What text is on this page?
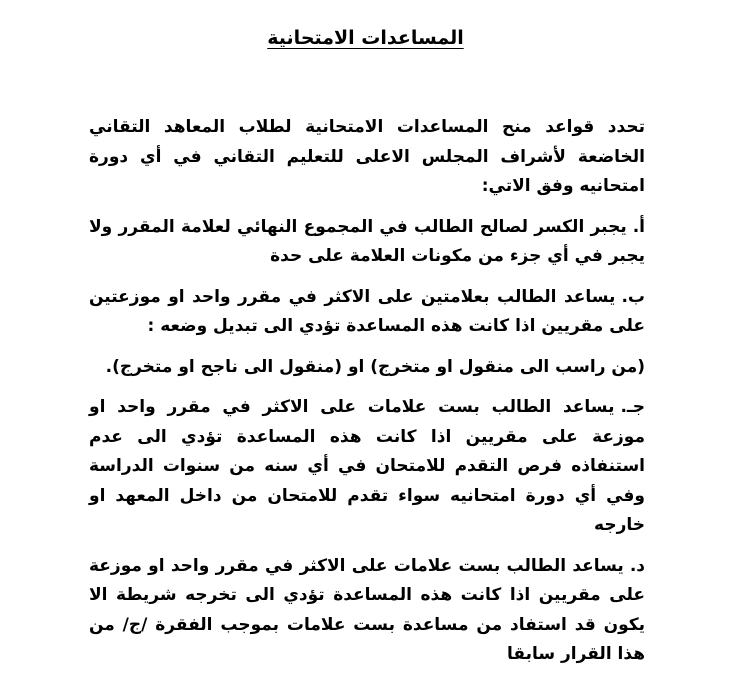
المساعدات الامتحانية

تحدد قواعد منح المساعدات الامتحانية لطلاب المعاهد التقاني الخاضعة لأشراف المجلس الاعلى للتعليم التقاني في أي دورة امتحانيه وفق الاتي:

أ.يجبر الكسر لصالح الطالب في المجموع النهائي لعلامة المقرر ولا يجبر في أي جزء من مكونات العلامة على حدة

ب.يساعد الطالب بعلامتين على الاكثر في مقرر واحد او موزعتين على مقريين اذا كانت هذه المساعدة تؤدي الى تبديل وضعه :

(من راسب الى منقول او متخرج) او (منقول الى ناجح او متخرج).

جـ.يساعد الطالب بست علامات على الاكثر في مقرر واحد او موزعة على مقريين اذا كانت هذه المساعدة تؤدي الى عدم استنفاذه فرص التقدم للامتحان في أي سنه من سنوات الدراسة وفي أي دورة امتحانيه سواء تقدم للامتحان من داخل المعهد او خارجه

د.يساعد الطالب بست علامات على الاكثر في مقرر واحد او موزعة على مقريين اذا كانت هذه المساعدة تؤدي الى تخرجه شريطة الا يكون قد استفاد من مساعدة بست علامات بموجب الفقرة /ج/ من هذا القرار سابقا
